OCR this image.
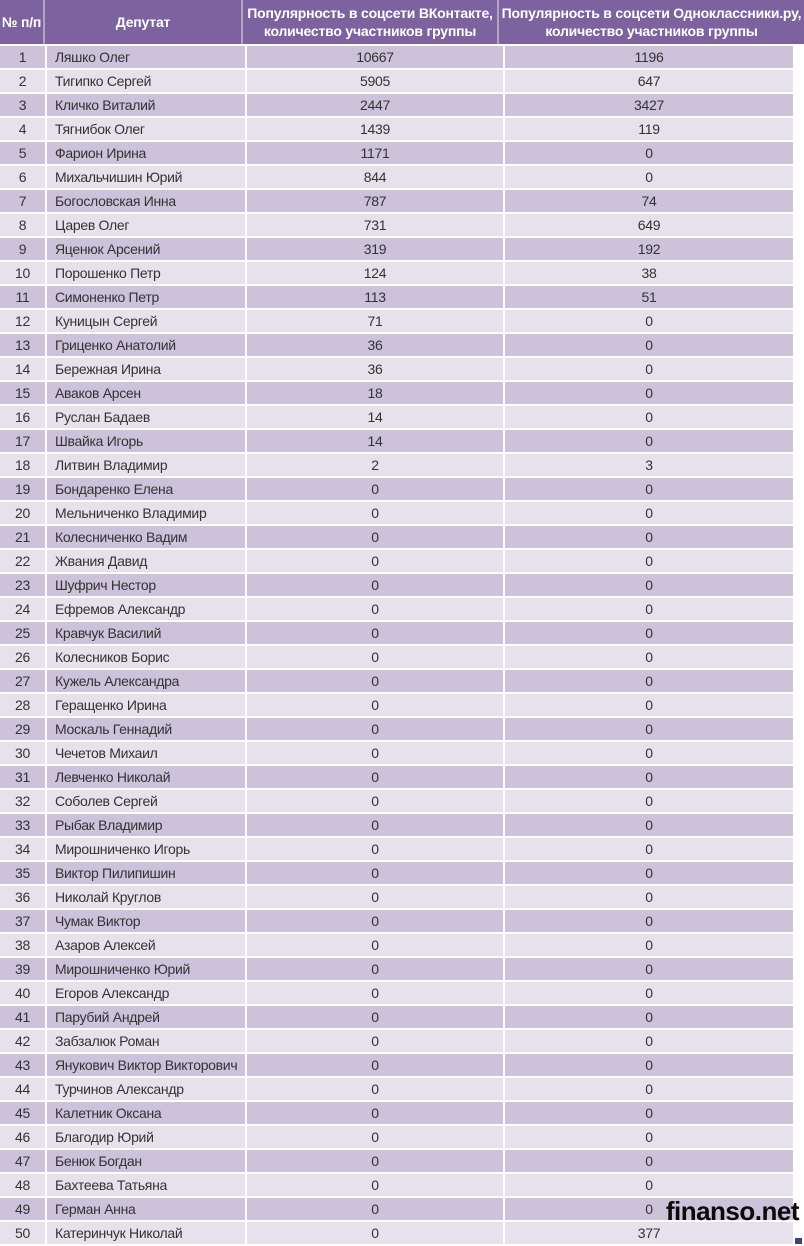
№ п/п	Депутат
Популярность в соцсети ВКонтакте,
количество участников группы
Популярность в соцсети Одноклассники.ру,
количество участников группы
1	Ляшко Олег	10667	1196
2	Тигипко Сергей	5905	647
3	Кличко Виталий	2447	3427
4	Тягнибок Олег	1439	119
5	Фарион Ирина	1171	0
6	Михальчишин Юрий	844	0
7	Богословская Инна	787	74
8	Царев Олег	731	649
9	Яценюк Арсений	319	192
10	Порошенко Петр	124	38
11	Симоненко Петр	113	51
12	Куницын Сергей	71	0
13	Гриценко Анатолий	36	0
14	Бережная Ирина	36	0
15	Аваков Арсен	18	0
16	Руслан Бадаев	14	0
17	Швайка Игорь	14	0
18	Литвин Владимир	2	3
19	Бондаренко Елена	0	0
20	Мельниченко Владимир	0	0
21	Колесниченко Вадим	0	0
22	Жвания Давид	0	0
23	Шуфрич Нестор	0	0
24	Ефремов Александр	0	0
25	Кравчук Василий	0	0
26	Колесников Борис	0	0
27	Кужель Александра	0	0
28	Геращенко Ирина	0	0
29	Москаль Геннадий	0	0
30	Чечетов Михаил	0	0
31	Левченко Николай	0	0
32	Соболев Сергей	0	0
33	Рыбак Владимир	0	0
34	Мирошниченко Игорь	0	0
35	Виктор Пилипишин	0	0
36	Николай Круглов	0	0
37	Чумак Виктор	0	0
38	Азаров Алексей	0	0
39	Мирошниченко Юрий	0	0
40	Егоров Александр	0	0
41	Парубий Андрей	0	0
42	Забзалюк Роман	0	0
43	Янукович Виктор Викторович	0	0
44	Турчинов Александр	0	0
45	Калетник Оксана	0	0
46	Благодир Юрий	0	0
47	Бенюк Богдан	0	0
48	Бахтеева Татьяна	0	0
49	Герман Анна	0	0
50	Катеринчук Николай	0	377
finanso.net
